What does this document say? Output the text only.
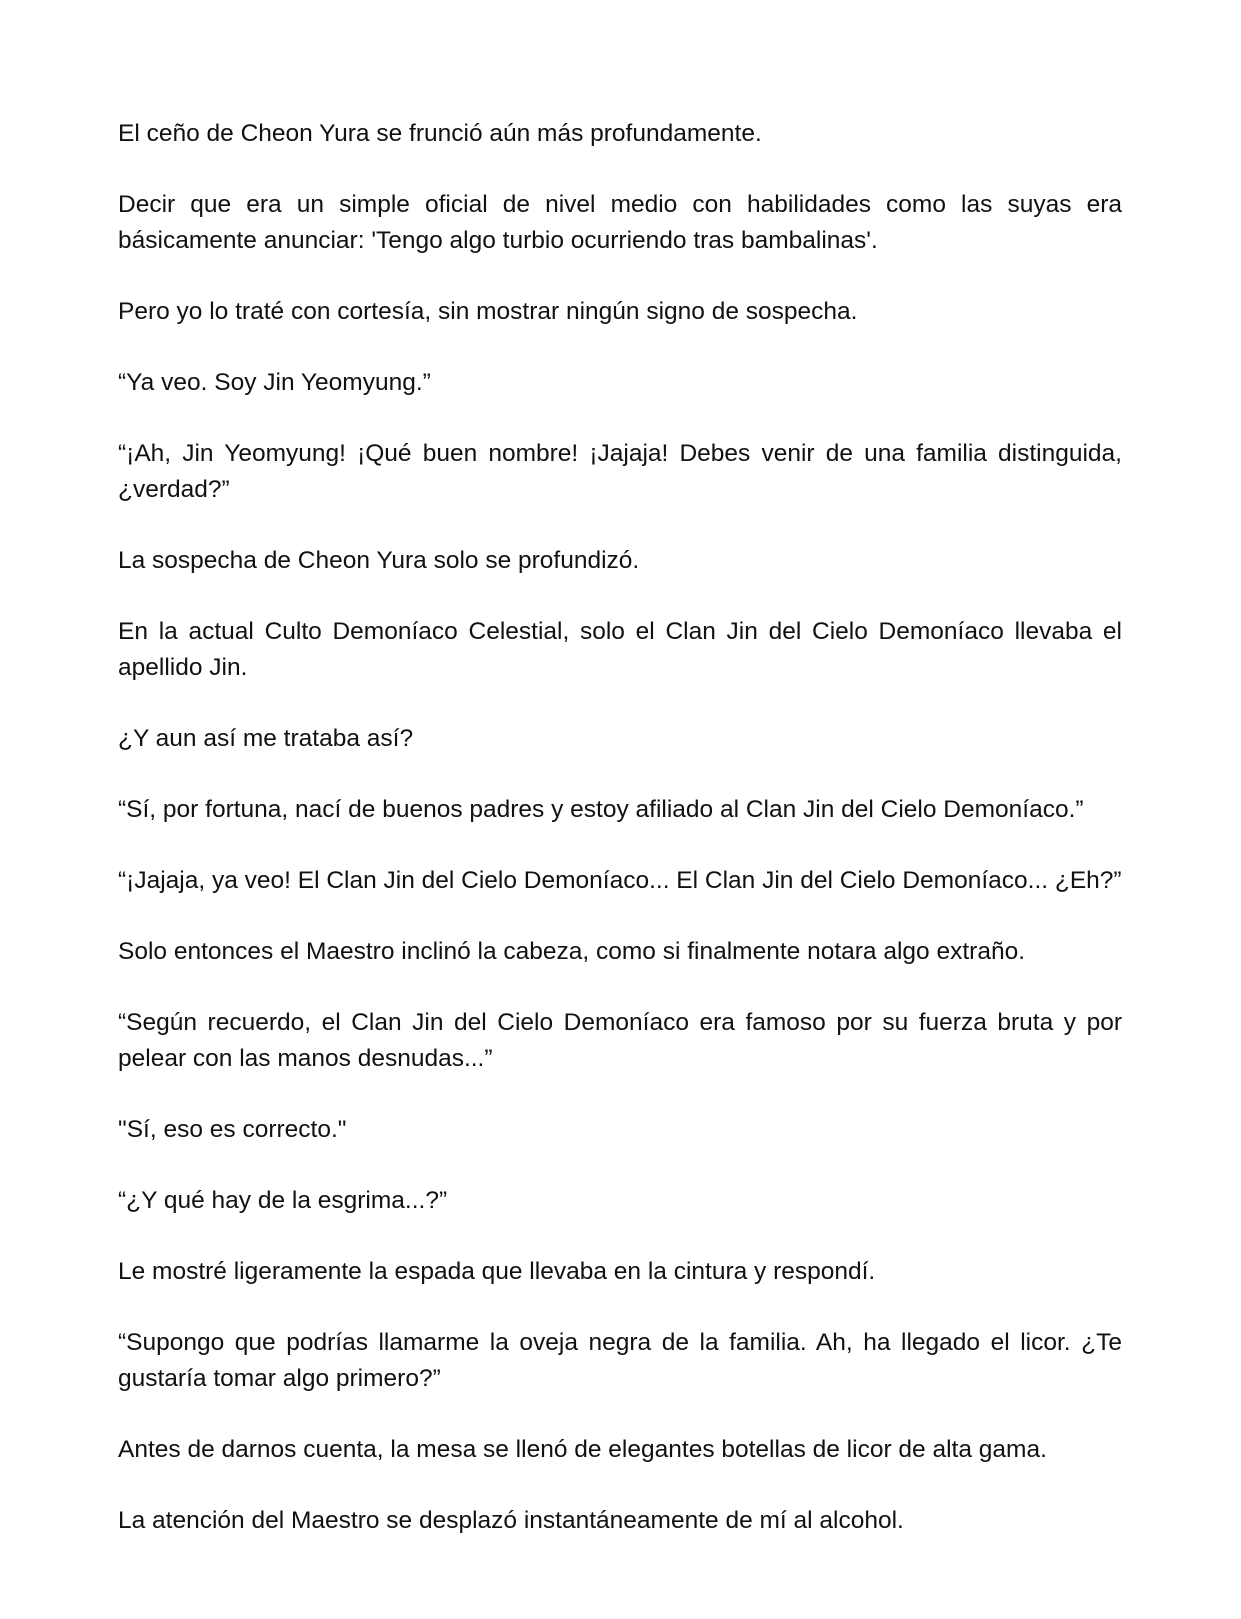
El ceño de Cheon Yura se frunció aún más profundamente.

Decir que era un simple oficial de nivel medio con habilidades como las suyas era básicamente anunciar: 'Tengo algo turbio ocurriendo tras bambalinas'.

Pero yo lo traté con cortesía, sin mostrar ningún signo de sospecha.

“Ya veo. Soy Jin Yeomyung.”

“¡Ah, Jin Yeomyung! ¡Qué buen nombre! ¡Jajaja! Debes venir de una familia distinguida, ¿verdad?”

La sospecha de Cheon Yura solo se profundizó.

En la actual Culto Demoníaco Celestial, solo el Clan Jin del Cielo Demoníaco llevaba el apellido Jin.

¿Y aun así me trataba así?

“Sí, por fortuna, nací de buenos padres y estoy afiliado al Clan Jin del Cielo Demoníaco.”

“¡Jajaja, ya veo! El Clan Jin del Cielo Demoníaco... El Clan Jin del Cielo Demoníaco... ¿Eh?”

Solo entonces el Maestro inclinó la cabeza, como si finalmente notara algo extraño.

“Según recuerdo, el Clan Jin del Cielo Demoníaco era famoso por su fuerza bruta y por pelear con las manos desnudas...”

"Sí, eso es correcto."

“¿Y qué hay de la esgrima...?”

Le mostré ligeramente la espada que llevaba en la cintura y respondí.

“Supongo que podrías llamarme la oveja negra de la familia. Ah, ha llegado el licor. ¿Te gustaría tomar algo primero?”

Antes de darnos cuenta, la mesa se llenó de elegantes botellas de licor de alta gama.

La atención del Maestro se desplazó instantáneamente de mí al alcohol.
